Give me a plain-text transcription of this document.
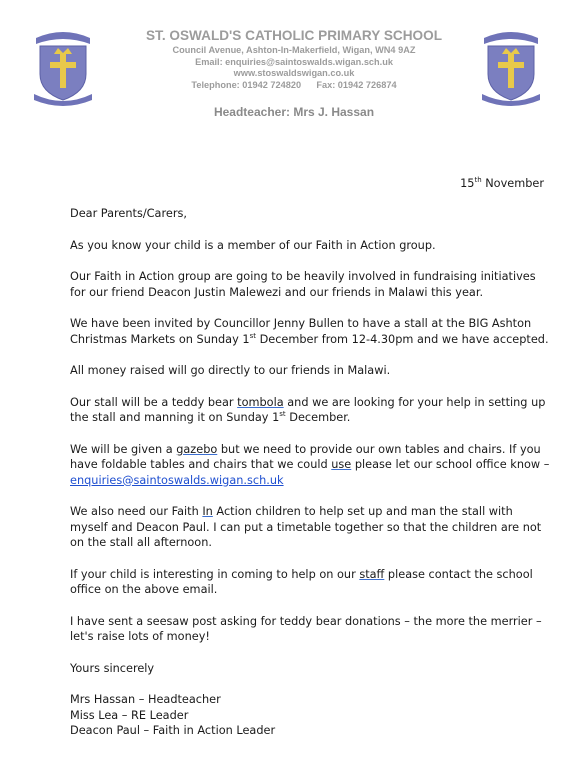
ST. OSWALD'S CATHOLIC PRIMARY SCHOOL
Council Avenue, Ashton-In-Makerfield, Wigan, WN4 9AZ
Email: enquiries@saintoswalds.wigan.sch.uk
www.stoswaldswigan.co.uk
Telephone: 01942 724820      Fax: 01942 726874
Headteacher: Mrs J. Hassan
15th November

Dear Parents/Carers,

As you know your child is a member of our Faith in Action group.

Our Faith in Action group are going to be heavily involved in fundraising initiatives for our friend Deacon Justin Malewezi and our friends in Malawi this year.

We have been invited by Councillor Jenny Bullen to have a stall at the BIG Ashton Christmas Markets on Sunday 1st December from 12-4.30pm and we have accepted.

All money raised will go directly to our friends in Malawi.

Our stall will be a teddy bear tombola and we are looking for your help in setting up the stall and manning it on Sunday 1st December.

We will be given a gazebo but we need to provide our own tables and chairs. If you have foldable tables and chairs that we could use please let our school office know – enquiries@saintoswalds.wigan.sch.uk

We also need our Faith In Action children to help set up and man the stall with myself and Deacon Paul. I can put a timetable together so that the children are not on the stall all afternoon.

If your child is interesting in coming to help on our staff please contact the school office on the above email.

I have sent a seesaw post asking for teddy bear donations – the more the merrier – let's raise lots of money!

Yours sincerely

Mrs Hassan – Headteacher

Miss Lea – RE Leader

Deacon Paul – Faith in Action Leader
